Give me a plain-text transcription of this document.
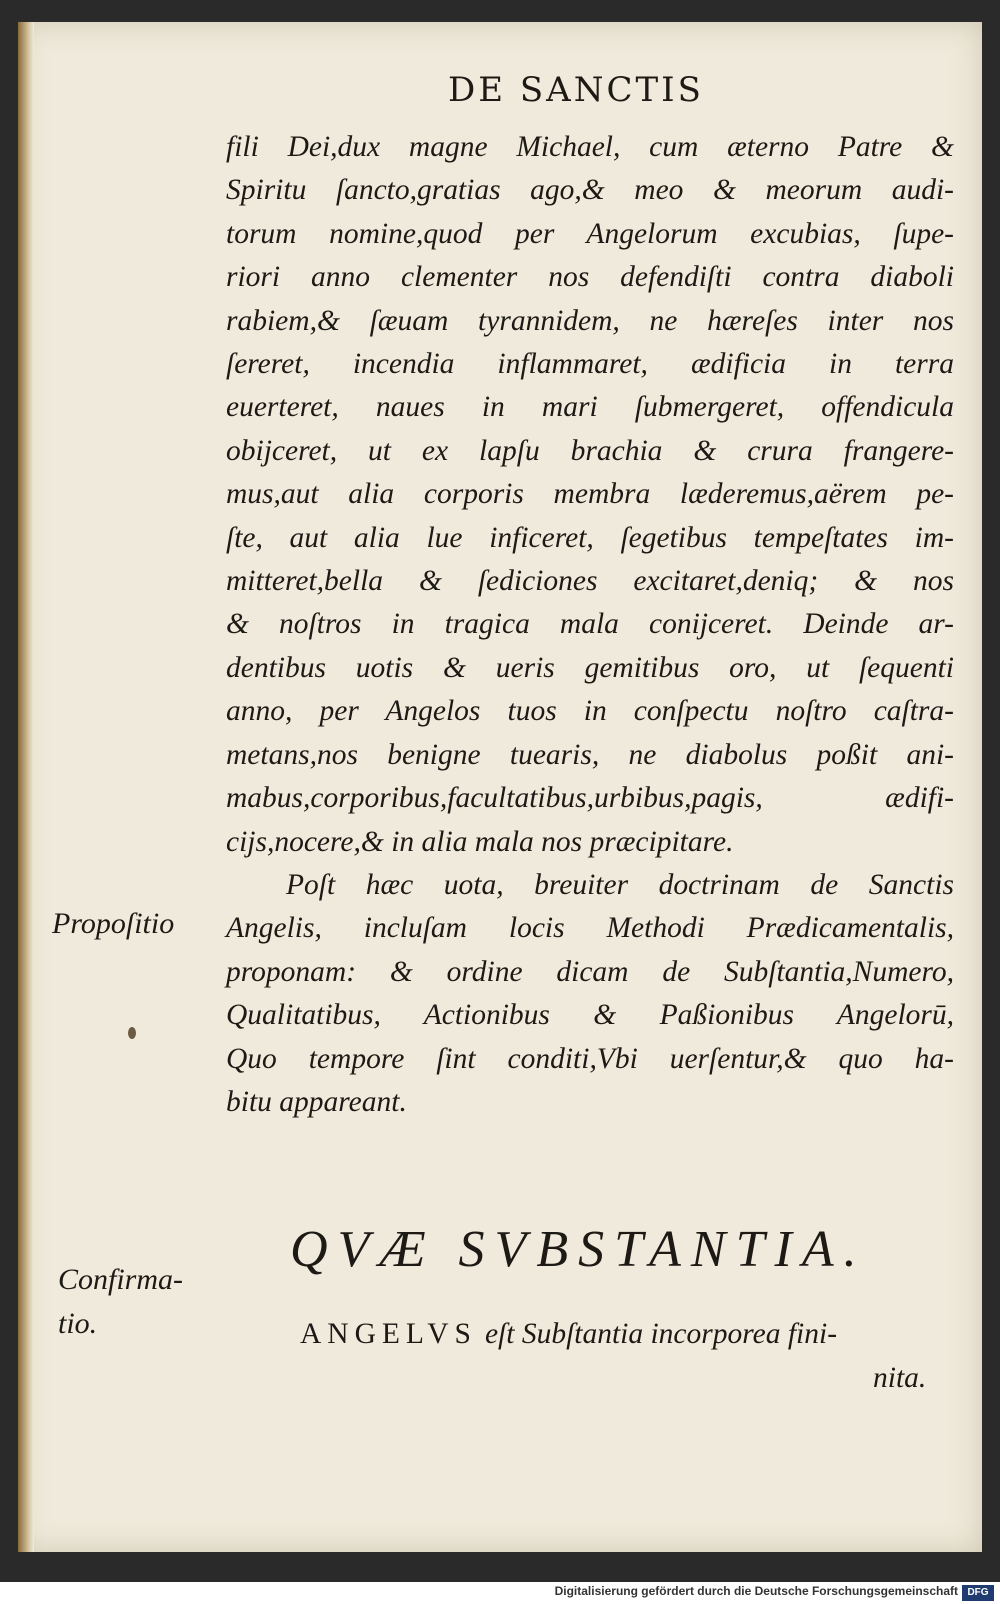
DE SANCTIS
fili Dei,dux magne Michael, cum æterno Patre &
Spiritu ſancto,gratias ago,& meo & meorum audi-
torum nomine,quod per Angelorum excubias, ſupe-
riori anno clementer nos defendiſti contra diaboli
rabiem,& ſæuam tyrannidem, ne hæreſes inter nos
ſereret, incendia inflammaret, ædificia in terra
euerteret, naues in mari ſubmergeret, offendicula
obijceret, ut ex lapſu brachia & crura frangere-
mus,aut alia corporis membra læderemus,aërem pe-
ſte, aut alia lue inficeret, ſegetibus tempeſtates im-
mitteret,bella & ſediciones excitaret,deniq; & nos
& noſtros in tragica mala conijceret. Deinde ar-
dentibus uotis & ueris gemitibus oro, ut ſequenti
anno, per Angelos tuos in conſpectu noſtro caſtra-
metans,nos benigne tuearis, ne diabolus poßit ani-
mabus,corporibus,facultatibus,urbibus,pagis, ædifi-
cijs,nocere,& in alia mala nos præcipitare.
Poſt hæc uota, breuiter doctrinam de Sanctis
Angelis, incluſam locis Methodi Prædicamentalis,
proponam: & ordine dicam de Subſtantia,Numero,
Qualitatibus, Actionibus & Paßionibus Angelorū,
Quo tempore ſint conditi,Vbi uerſentur,& quo ha-
bitu appareant.
Propoſitio
QVÆ SVBSTANTIA.
Confirma-
tio.	ANGELVS eſt Subſtantia incorporea fini-
nita.
Digitalisierung gefördert durch die Deutsche Forschungsgemeinschaft DFG
